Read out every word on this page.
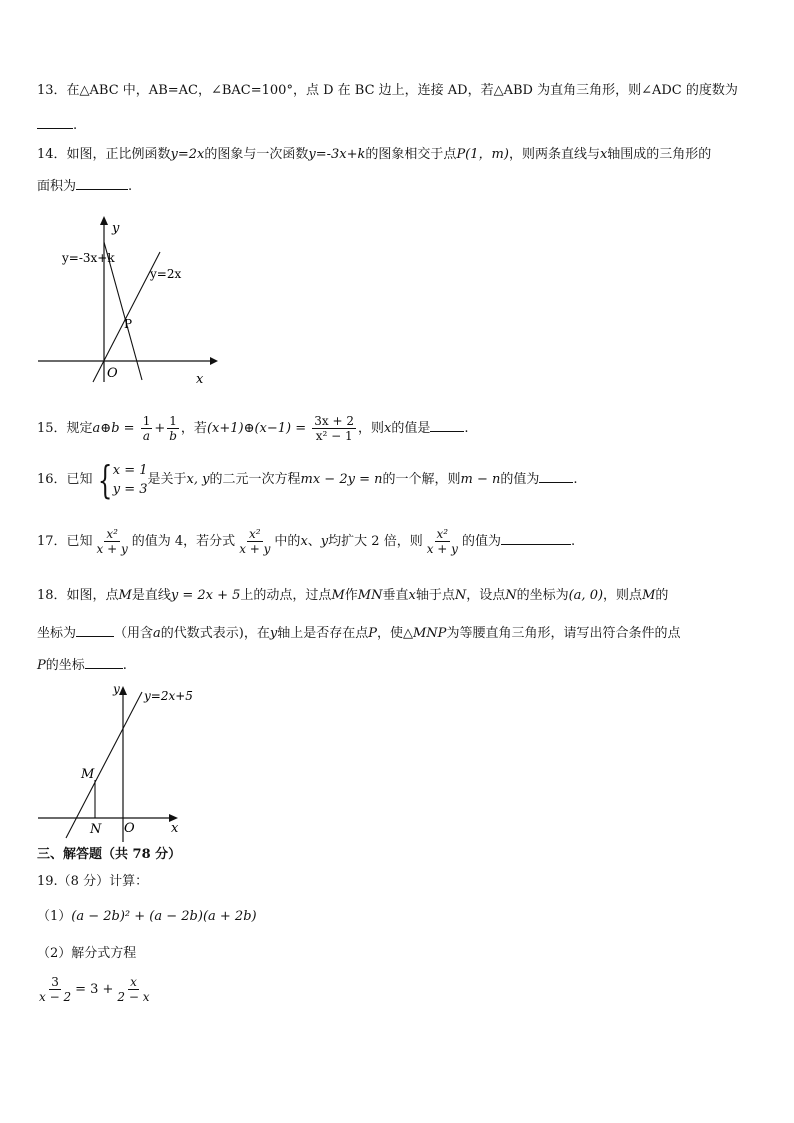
13．在△ABC 中，AB=AC，∠BAC=100°，点 D 在 BC 边上，连接 AD，若△ABD 为直角三角形，则∠ADC 的度数为
.
14．如图，正比例函数y=2x的图象与一次函数y=-3x+k的图象相交于点P(1，m)，则两条直线与x轴围成的三角形的
面积为	.
y
x
O
P
y=-3x+k
y=2x
15．规定a⊕b = $\frac{1}{a} + \frac{1}{b}$ ，若(x+1)⊕(x−1) = $\frac{3x + 2}{\text{x² − 1}}$ ，则x的值是	.
16．已知 { x = 1
y = 3
是关于x, y的二元一次方程mx − 2y = n的一个解，则m − n的值为	.
17．已知 $\frac{\text{x²}}{x + y}$ 的值为 4，若分式 $\frac{\text{x²}}{x + y}$ 中的x、y均扩大 2 倍，则 $\frac{\text{x²}}{x + y}$ 的值为	.
18．如图，点M是直线y = 2x + 5上的动点，过点M作MN垂直x轴于点N，设点N的坐标为(a, 0)，则点M的
坐标为	（用含a的代数式表示)，在y轴上是否存在点P，使△MNP为等腰直角三角形，请写出符合条件的点
P的坐标	.
y y=2x+5
x
O
M
N
三、解答题（共 78 分）
19.（8 分）计算：
（1）(a − 2b)² + (a − 2b)(a + 2b)
（2）解分式方程
$\frac{3}{x - 2} = 3 + \frac{x}{2 - x}$
